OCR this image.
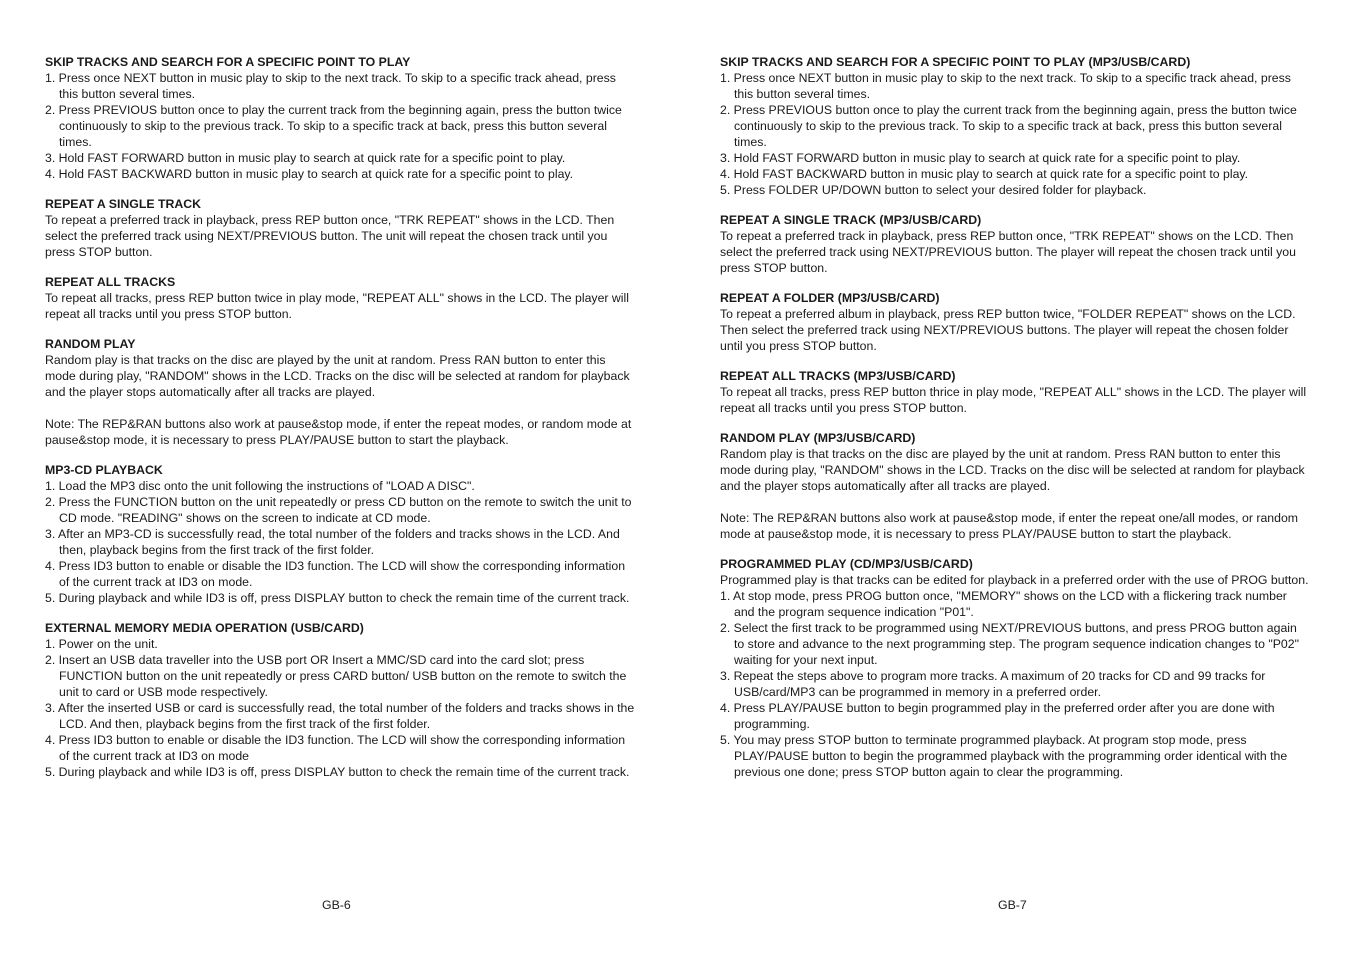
SKIP TRACKS AND SEARCH FOR A SPECIFIC POINT TO PLAY
1. Press once NEXT button in music play to skip to the next track. To skip to a specific track ahead, press this button several times.
2. Press PREVIOUS button once to play the current track from the beginning again, press the button twice continuously to skip to the previous track. To skip to a specific track at back, press this button several times.
3. Hold FAST FORWARD button in music play to search at quick rate for a specific point to play.
4. Hold FAST BACKWARD button in music play to search at quick rate for a specific point to play.
REPEAT A SINGLE TRACK
To repeat a preferred track in playback, press REP button once, "TRK REPEAT" shows in the LCD. Then select the preferred track using NEXT/PREVIOUS button. The unit will repeat the chosen track until you press STOP button.
REPEAT ALL TRACKS
To repeat all tracks, press REP button twice in play mode, "REPEAT ALL" shows in the LCD. The player will repeat all tracks until you press STOP button.
RANDOM PLAY
Random play is that tracks on the disc are played by the unit at random. Press RAN button to enter this mode during play, "RANDOM" shows in the LCD. Tracks on the disc will be selected at random for playback and the player stops automatically after all tracks are played.
Note: The REP&RAN buttons also work at pause&stop mode, if enter the repeat modes, or random mode at pause&stop mode, it is necessary to press PLAY/PAUSE button to start the playback.
MP3-CD PLAYBACK
1. Load the MP3 disc onto the unit following the instructions of "LOAD A DISC".
2. Press the FUNCTION button on the unit repeatedly or press CD button on the remote to switch the unit to CD mode. "READING" shows on the screen to indicate at CD mode.
3. After an MP3-CD is successfully read, the total number of the folders and tracks shows in the LCD. And then, playback begins from the first track of the first folder.
4. Press ID3 button to enable or disable the ID3 function. The LCD will show the corresponding information of the current track at ID3 on mode.
5. During playback and while ID3 is off, press DISPLAY button to check the remain time of the current track.
EXTERNAL MEMORY MEDIA OPERATION (USB/CARD)
1. Power on the unit.
2. Insert an USB data traveller into the USB port OR Insert a MMC/SD card into the card slot; press FUNCTION button on the unit repeatedly or press CARD button/ USB button on the remote to switch the unit to card or USB mode respectively.
3. After the inserted USB or card is successfully read, the total number of the folders and tracks shows in the LCD. And then, playback begins from the first track of the first folder.
4. Press ID3 button to enable or disable the ID3 function. The LCD will show the corresponding information of the current track at ID3 on mode
5. During playback and while ID3 is off, press DISPLAY button to check the remain time of the current track.
SKIP TRACKS AND SEARCH FOR A SPECIFIC POINT TO PLAY (MP3/USB/CARD)
1. Press once NEXT button in music play to skip to the next track. To skip to a specific track ahead, press this button several times.
2. Press PREVIOUS button once to play the current track from the beginning again, press the button twice continuously to skip to the previous track. To skip to a specific track at back, press this button several times.
3. Hold FAST FORWARD button in music play to search at quick rate for a specific point to play.
4. Hold FAST BACKWARD button in music play to search at quick rate for a specific point to play.
5. Press FOLDER UP/DOWN button to select your desired folder for playback.
REPEAT A SINGLE TRACK (MP3/USB/CARD)
To repeat a preferred track in playback, press REP button once, "TRK REPEAT" shows on the LCD. Then select the preferred track using NEXT/PREVIOUS button. The player will repeat the chosen track until you press STOP button.
REPEAT A FOLDER (MP3/USB/CARD)
To repeat a preferred album in playback, press REP button twice, "FOLDER REPEAT" shows on the LCD. Then select the preferred track using NEXT/PREVIOUS buttons. The player will repeat the chosen folder until you press STOP button.
REPEAT ALL TRACKS (MP3/USB/CARD)
To repeat all tracks, press REP button thrice in play mode, "REPEAT ALL" shows in the LCD. The player will repeat all tracks until you press STOP button.
RANDOM PLAY (MP3/USB/CARD)
Random play is that tracks on the disc are played by the unit at random. Press RAN button to enter this mode during play, "RANDOM" shows in the LCD. Tracks on the disc will be selected at random for playback and the player stops automatically after all tracks are played.
Note: The REP&RAN buttons also work at pause&stop mode, if enter the repeat one/all modes, or random mode at pause&stop mode, it is necessary to press PLAY/PAUSE button to start the playback.
PROGRAMMED PLAY (CD/MP3/USB/CARD)
Programmed play is that tracks can be edited for playback in a preferred order with the use of PROG button.
1. At stop mode, press PROG button once, "MEMORY" shows on the LCD with a flickering track number and the program sequence indication "P01".
2. Select the first track to be programmed using NEXT/PREVIOUS buttons, and press PROG button again to store and advance to the next programming step. The program sequence indication changes to "P02" waiting for your next input.
3. Repeat the steps above to program more tracks. A maximum of 20 tracks for CD and 99 tracks for USB/card/MP3 can be programmed in memory in a preferred order.
4. Press PLAY/PAUSE button to begin programmed play in the preferred order after you are done with programming.
5. You may press STOP button to terminate programmed playback. At program stop mode, press PLAY/PAUSE button to begin the programmed playback with the programming order identical with the previous one done; press STOP button again to clear the programming.
GB-6	GB-7
